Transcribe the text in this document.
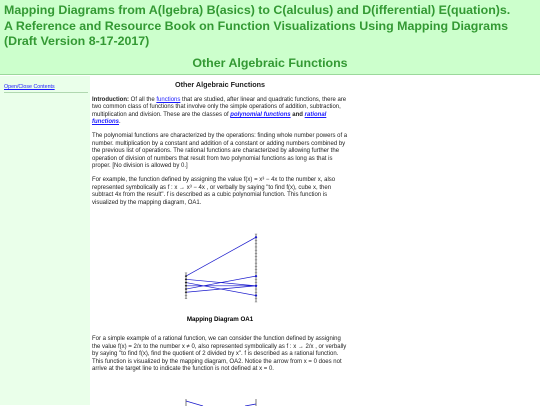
Mapping Diagrams from A(lgebra) B(asics) to C(alculus) and D(ifferential) E(quation)s.
A Reference and Resource Book on Function Visualizations Using Mapping Diagrams
(Draft Version 8-17-2017)
Other Algebraic Functions
Open/Close Contents	Other Algebraic Functions

Introduction: Of all the functions that are studied, after linear and quadratic functions, there are two common class of functions that involve only the simple operations of addition, subtraction, multiplication and division. These are the classes of polynomial functions and rational functions.

The polynomial functions are characterized by the operations: finding whole number powers of a number. multiplication by a constant and addition of a constant or adding numbers combined by the previous list of operations. The rational functions are characterized by allowing further the operation of division of numbers that result from two polynomial functions as long as that is proper. [No division is allowed by 0.]

For example, the function defined by assigning the value f(x) = x³ − 4x to the number x, also represented symbolically as f : x → x³ − 4x , or verbally by saying "to find f(x), cube x, then subtract 4x from the result". f is described as a cubic polynomial function. This function is visualized by the mapping diagram, OA1.

Mapping Diagram OA1

For a simple example of a rational function, we can consider the function defined by assigning the value f(x) = 2/x to the number x ≠ 0, also represented symbolically as f : x → 2/x , or verbally by saying "to find f(x), find the quotient of 2 divided by x". f is described as a rational function. This function is visualized by the mapping diagram, OA2. Notice the arrow from x = 0 does not arrive at the target line to indicate the function is not defined at x = 0.
